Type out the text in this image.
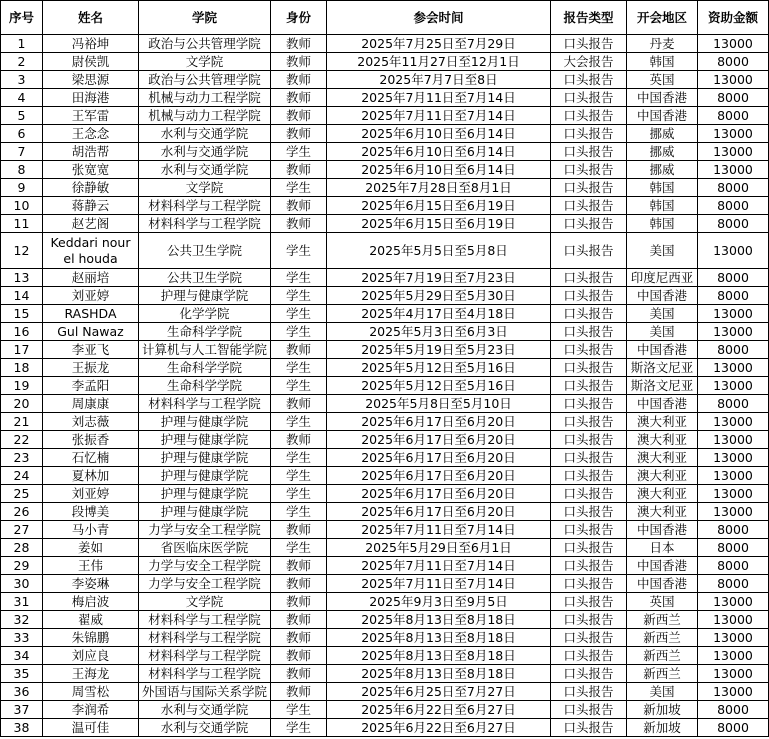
序号	姓名	学院	身份	参会时间	报告类型	开会地区	资助金额
1	冯裕坤	政治与公共管理学院	教师	2025年7月25日至7月29日	口头报告	丹麦	13000
2	尉侯凯	文学院	教师	2025年11月27日至12月1日	大会报告	韩国	8000
3	梁思源	政治与公共管理学院	教师	2025年7月7日至8日	口头报告	英国	13000
4	田海港	机械与动力工程学院	教师	2025年7月11日至7月14日	口头报告	中国香港	8000
5	王军雷	机械与动力工程学院	教师	2025年7月11日至7月14日	口头报告	中国香港	8000
6	王念念	水利与交通学院	教师	2025年6月10日至6月14日	口头报告	挪威	13000
7	胡浩帮	水利与交通学院	学生	2025年6月10日至6月14日	口头报告	挪威	13000
8	张宽宽	水利与交通学院	教师	2025年6月10日至6月14日	口头报告	挪威	13000
9	徐静敏	文学院	学生	2025年7月28日至8月1日	口头报告	韩国	8000
10	蒋静云	材料科学与工程学院	教师	2025年6月15日至6月19日	口头报告	韩国	8000
11	赵艺阁	材料科学与工程学院	教师	2025年6月15日至6月19日	口头报告	韩国	8000
12	Keddari nour el houda	公共卫生学院	学生	2025年5月5日至5月8日	口头报告	美国	13000
13	赵丽培	公共卫生学院	学生	2025年7月19日至7月23日	口头报告	印度尼西亚	8000
14	刘亚婷	护理与健康学院	学生	2025年5月29日至5月30日	口头报告	中国香港	8000
15	RASHDA	化学学院	学生	2025年4月17日至4月18日	口头报告	美国	13000
16	Gul Nawaz	生命科学学院	学生	2025年5月3日至6月3日	口头报告	美国	13000
17	李亚飞	计算机与人工智能学院	教师	2025年5月19日至5月23日	口头报告	中国香港	8000
18	王振龙	生命科学学院	学生	2025年5月12日至5月16日	口头报告	斯洛文尼亚	13000
19	李孟阳	生命科学学院	学生	2025年5月12日至5月16日	口头报告	斯洛文尼亚	13000
20	周康康	材料科学与工程学院	教师	2025年5月8日至5月10日	口头报告	中国香港	8000
21	刘志薇	护理与健康学院	学生	2025年6月17日至6月20日	口头报告	澳大利亚	13000
22	张振香	护理与健康学院	教师	2025年6月17日至6月20日	口头报告	澳大利亚	13000
23	石忆楠	护理与健康学院	学生	2025年6月17日至6月20日	口头报告	澳大利亚	13000
24	夏林加	护理与健康学院	学生	2025年6月17日至6月20日	口头报告	澳大利亚	13000
25	刘亚婷	护理与健康学院	学生	2025年6月17日至6月20日	口头报告	澳大利亚	13000
26	段博美	护理与健康学院	学生	2025年6月17日至6月20日	口头报告	澳大利亚	13000
27	马小青	力学与安全工程学院	教师	2025年7月11日至7月14日	口头报告	中国香港	8000
28	姜如	省医临床医学院	学生	2025年5月29日至6月1日	口头报告	日本	8000
29	王伟	力学与安全工程学院	教师	2025年7月11日至7月14日	口头报告	中国香港	8000
30	李姿琳	力学与安全工程学院	教师	2025年7月11日至7月14日	口头报告	中国香港	8000
31	梅启波	文学院	教师	2025年9月3日至9月5日	口头报告	英国	13000
32	翟威	材料科学与工程学院	教师	2025年8月13日至8月18日	口头报告	新西兰	13000
33	朱锦鹏	材料科学与工程学院	教师	2025年8月13日至8月18日	口头报告	新西兰	13000
34	刘应良	材料科学与工程学院	教师	2025年8月13日至8月18日	口头报告	新西兰	13000
35	王海龙	材料科学与工程学院	教师	2025年8月13日至8月18日	口头报告	新西兰	13000
36	周雪松	外国语与国际关系学院	教师	2025年6月25日至7月27日	口头报告	美国	13000
37	李润希	水利与交通学院	学生	2025年6月22日至6月27日	口头报告	新加坡	8000
38	温可佳	水利与交通学院	学生	2025年6月22日至6月27日	口头报告	新加坡	8000
